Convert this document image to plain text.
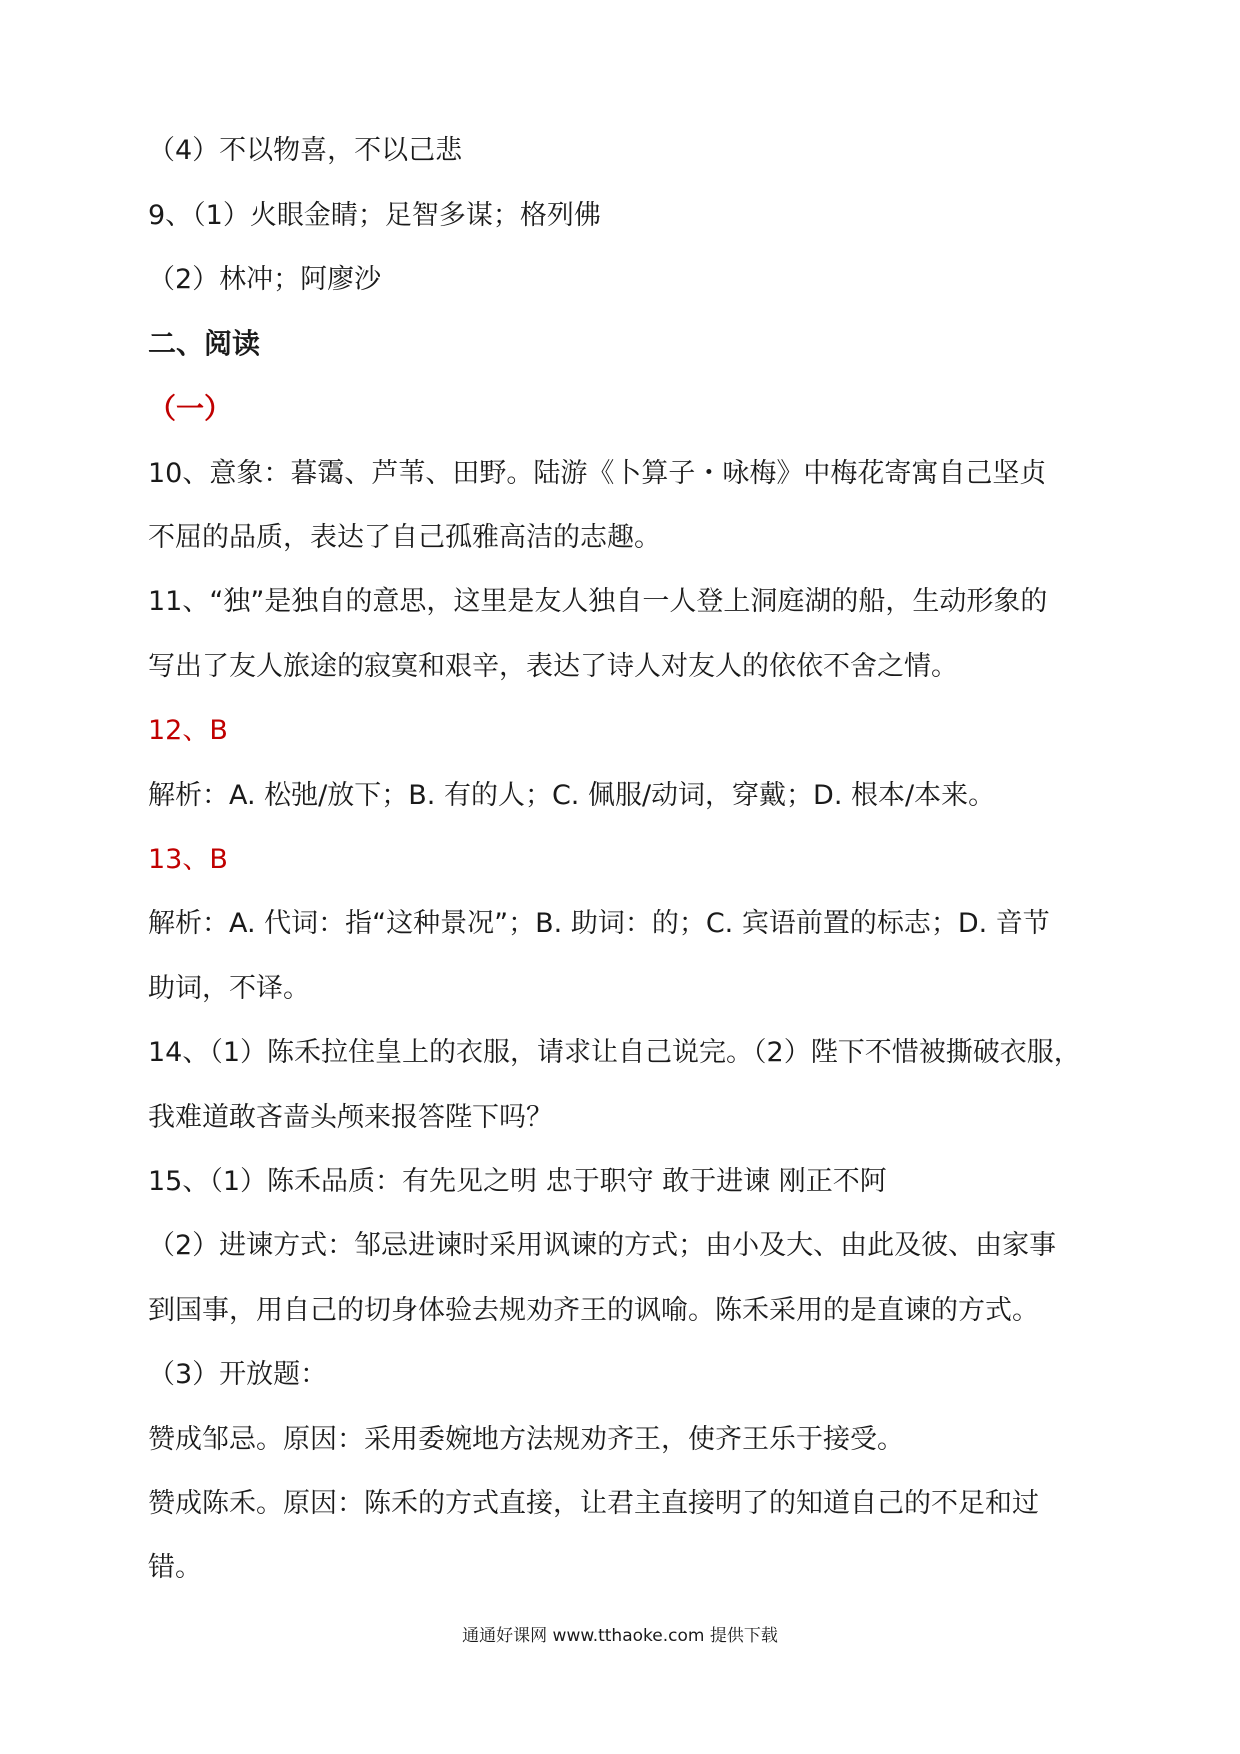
（4）不以物喜，不以己悲
9、（1）火眼金睛；足智多谋；格列佛
（2）林冲；阿廖沙
二、阅读
（一）
10、意象：暮霭、芦苇、田野。陆游《卜算子・咏梅》中梅花寄寓自己坚贞
不屈的品质，表达了自己孤雅高洁的志趣。
11、“独”是独自的意思，这里是友人独自一人登上洞庭湖的船，生动形象的
写出了友人旅途的寂寞和艰辛，表达了诗人对友人的依依不舍之情。
12、B
解析：A. 松弛/放下；B. 有的人；C. 佩服/动词，穿戴；D. 根本/本来。
13、B
解析：A. 代词：指“这种景况”；B. 助词：的；C. 宾语前置的标志；D. 音节
助词，不译。
14、（1）陈禾拉住皇上的衣服，请求让自己说完。（2）陛下不惜被撕破衣服，
我难道敢吝啬头颅来报答陛下吗？
15、（1）陈禾品质：有先见之明 忠于职守 敢于进谏 刚正不阿
（2）进谏方式：邹忌进谏时采用讽谏的方式；由小及大、由此及彼、由家事
到国事，用自己的切身体验去规劝齐王的讽喻。陈禾采用的是直谏的方式。
（3）开放题：
赞成邹忌。原因：采用委婉地方法规劝齐王，使齐王乐于接受。
赞成陈禾。原因：陈禾的方式直接，让君主直接明了的知道自己的不足和过
错。
通通好课网 www.tthaoke.com 提供下载
